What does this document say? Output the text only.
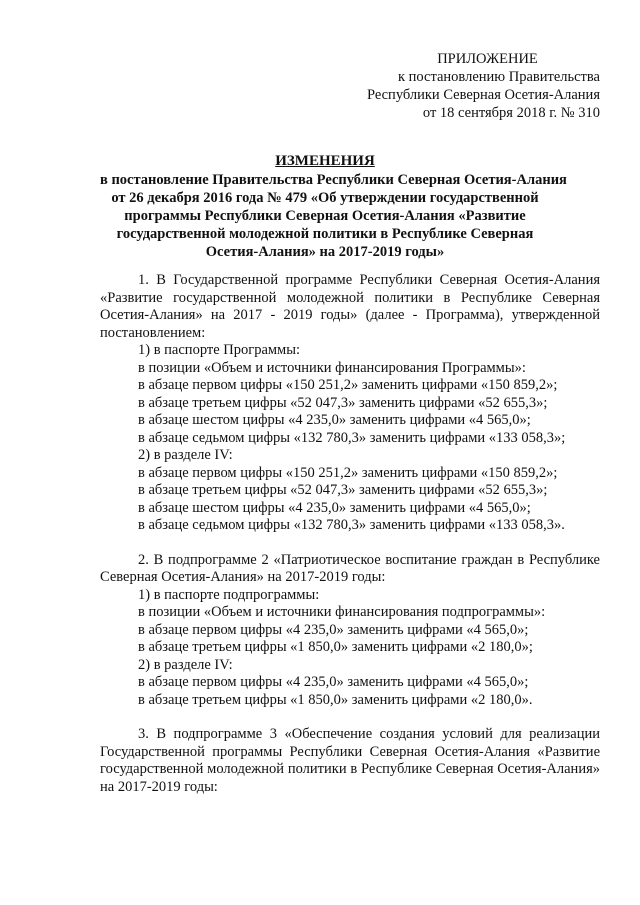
ПРИЛОЖЕНИЕ
к постановлению Правительства
Республики Северная Осетия-Алания
от 18 сентября 2018 г. № 310
ИЗМЕНЕНИЯ
в постановление Правительства Республики Северная Осетия-Алания
от 26 декабря 2016 года № 479 «Об утверждении государственной
программы Республики Северная Осетия-Алания «Развитие
государственной молодежной политики в Республике Северная
Осетия-Алания» на 2017-2019 годы»
1. В Государственной программе Республики Северная Осетия-Алания «Развитие государственной молодежной политики в Республике Северная Осетия-Алания» на 2017 - 2019 годы» (далее - Программа), утвержденной постановлением:
1) в паспорте Программы:
в позиции «Объем и источники финансирования Программы»:
в абзаце первом цифры «150 251,2» заменить цифрами «150 859,2»;
в абзаце третьем цифры «52 047,3» заменить цифрами «52 655,3»;
в абзаце шестом цифры «4 235,0» заменить цифрами «4 565,0»;
в абзаце седьмом цифры «132 780,3» заменить цифрами «133 058,3»;
2) в разделе IV:
в абзаце первом цифры «150 251,2» заменить цифрами «150 859,2»;
в абзаце третьем цифры «52 047,3» заменить цифрами «52 655,3»;
в абзаце шестом цифры «4 235,0» заменить цифрами «4 565,0»;
в абзаце седьмом цифры «132 780,3» заменить цифрами «133 058,3».
2. В подпрограмме 2 «Патриотическое воспитание граждан в Республике Северная Осетия-Алания» на 2017-2019 годы:
1) в паспорте подпрограммы:
в позиции «Объем и источники финансирования подпрограммы»:
в абзаце первом цифры «4 235,0» заменить цифрами «4 565,0»;
в абзаце третьем цифры «1 850,0» заменить цифрами «2 180,0»;
2) в разделе IV:
в абзаце первом цифры «4 235,0» заменить цифрами «4 565,0»;
в абзаце третьем цифры «1 850,0» заменить цифрами «2 180,0».
3. В подпрограмме 3 «Обеспечение создания условий для реализации Государственной программы Республики Северная Осетия-Алания «Развитие государственной молодежной политики в Республике Северная Осетия-Алания» на 2017-2019 годы:
